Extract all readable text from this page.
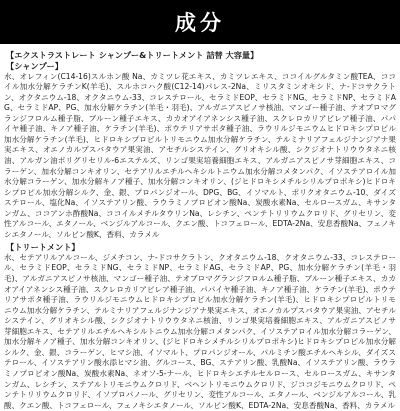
成分
【エクストラストレート シャンプー&トリートメント 詰替 大容量】
【シャンプー】

水、オレフィン(C14-16)スルホン酸 Na、カミツレ花エキス、カミツレエキス、ココイルグルタミン酸TEA、ココイル加水分解ケラチンK(羊毛)、スルホコハク酸(C12-14)パレス-2Na、ミリスタミンオキシド、ナ-ドコサクラトン、オクタニウム-18、オクタニウム-33、コレステロール、セラミドEOP、セラミドNG、セラミドNP、セラミドAG、セラミドAP、PG、加水分解ケラチン(羊毛・羽毛)、アルガニアスピノサ核油、マンゴー種子油、テオブロマグランジフロルム種子脂、ブルーン種子エキス、カカオアイアネンシス種子油、スクレロカリアビレア種子油、パパイヤ種子油、キノア種子油、ケラチン(羊毛)、ポウテリアサポタ種子油、ラウリルジモニウムヒドロキシプロピル加水分解ケラチン(羊毛)、ヒドロキシプロピルトリモニウム加水分解ケラチン、テルミナリアフェルジナンジアナ果実エキス、オエノカルプスバタウア果実油、アセチルシステイン、グリオキシル酸、シクジオナトリウウタネニ核油、アルガン油ポリグリセリル-6エステルズ、リンゴ果実培養細胞エキス、アルガニアスピノサ芽細胞エキス、コラーゲン、加水分解コンキオリン、セテアリルエチルヘキシルトニウム加水分解コメタンパク、イソステアロイル加水分解コラーゲン、加水分解キノア種子、加水分解コンキオリン、(ジヒドロキシメチルシリルプロポキシ)ヒドロキシプロピル加水分解シルク、金、銀、プロパンジオール、DPG、BG、イソマルト、ポリクオタニウム-10、ダイズステロール、塩化Na、イソステアリン酸、ラウラミノプロピオン酸Na、炭酸水素Na、セルロースガム、キサンタンガム、ココアンホ酢酸Na、ココイルメチルタウリンNa、レシチン、ペンテトリリウムクロリド、グリセリン、変性アルコール、エタノール、ベンジルアルコール、クエン酸、トコフェロール、EDTA-2Na、安息香酸Na、フェノキシエタノール、ソルビン酸K、香料、カラメル

【トリートメント】

水、セテアリルアルコール、ジメチコン、ナ-ドコサクラトン、クオタニウム-18、クオタニウム-33、コレステロール、セラミドEOP、セラミドNG、セラミドNP、セラミドAG、セラミドAP、PG、加水分解ケラチン(羊毛・羽毛)、アルガニアスピノサ核油、マンゴー種子油、テオブロマグランジフロルム種子脂、ブルーン種子エキス、カカオアイアネンシス種子油、スクレロカリアビレア種子油、パパイヤ種子油、キノア種子油、ケラチン(羊毛)、ポウテリアサポタ種子油、ラウリルジモニウムヒドロキシプロピル加水分解ケラチン(羊毛)、ヒドロキシプロピルトリモニウム加水分解ケラチン、テルミナリアフェルジナンジアナ果実エキス、オエノカルプスバタウア果実油、アセチルシステイン、グリオキシル酸、シクジオナトリウウタネニ核油、リンゴ果実培養細胞エキス、アルガニアスピノサ芽細胞エキス、セテアリルエチルヘキシルトニウム加水分解コメタンパク、イソステアロイル加水分解コラーゲン、加水分解キノア種子、加水分解コンキオリン、(ジヒドロキシメチルシリルプロポキシ)ヒドロキシプロピル加水分解シルク、金、銀、コラーゲン、ヒマシ油、イソマルト、プロパンジオール、パルミチン酸エチルヘキシル、ダイズステロール、イソステアリン酸水添ヒマシ油、グルコース、BG、ステアリン酸、乳酸Na、イソステアリン酸、ラウラミノプロピオン酸Na、炭酸水素Na、ネオソ-5-ナール、ヒドロキシエチルセルロース、セルロースガム、キサンタンガム、レシチン、ステアルトリモニウムクロリド、ベヘントリモニウムクロリド、ジココジモニウムクロリド、ペンテトリリウムクロリド、イソプロパノール、グリセリン、変性アルコール、エタノール、ベンジルアルコール、乳酸、クエン酸、トコフェロール、フェノキシエタノール、ソルビン酸K、EDTA-2Na、安息香酸Na、香料、カラメル
